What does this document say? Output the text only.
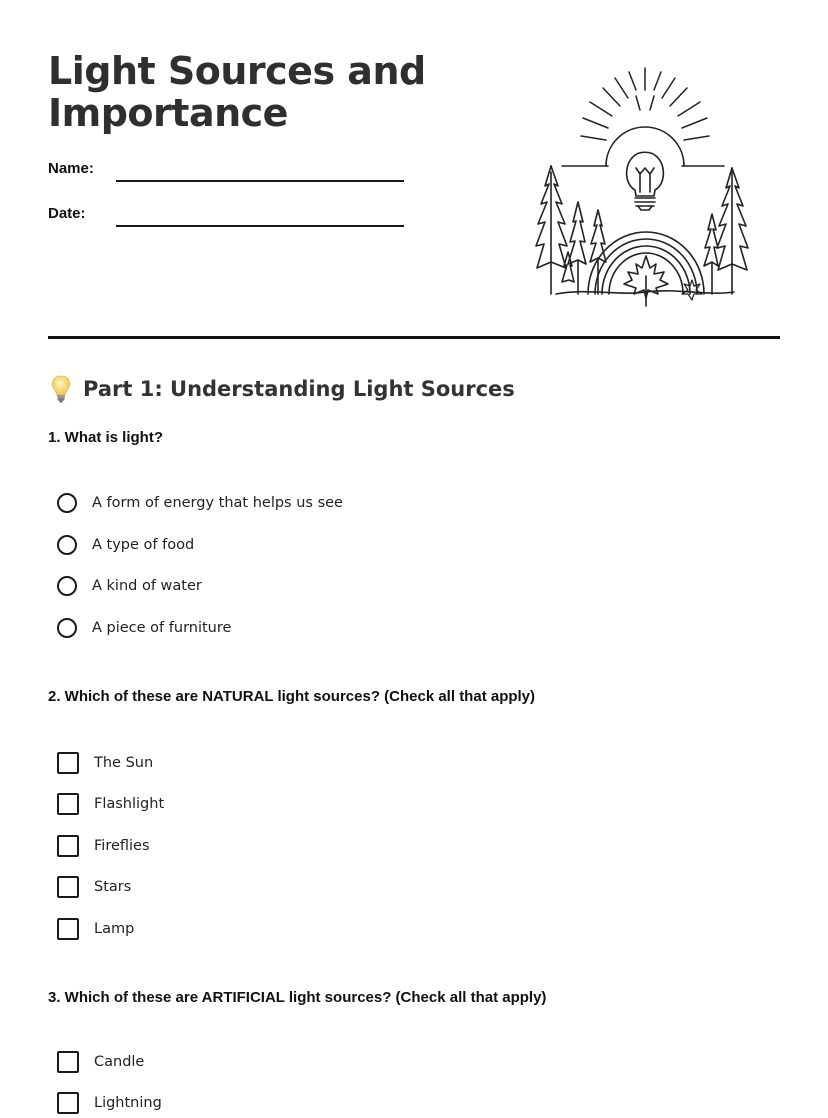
Light Sources and
Importance
Name:
Date:
Part 1: Understanding Light Sources

1. What is light?

A form of energy that helps us see
A type of food
A kind of water
A piece of furniture

2. Which of these are NATURAL light sources? (Check all that apply)

The Sun
Flashlight
Fireflies
Stars
Lamp

3. Which of these are ARTIFICIAL light sources? (Check all that apply)

Candle
Lightning
